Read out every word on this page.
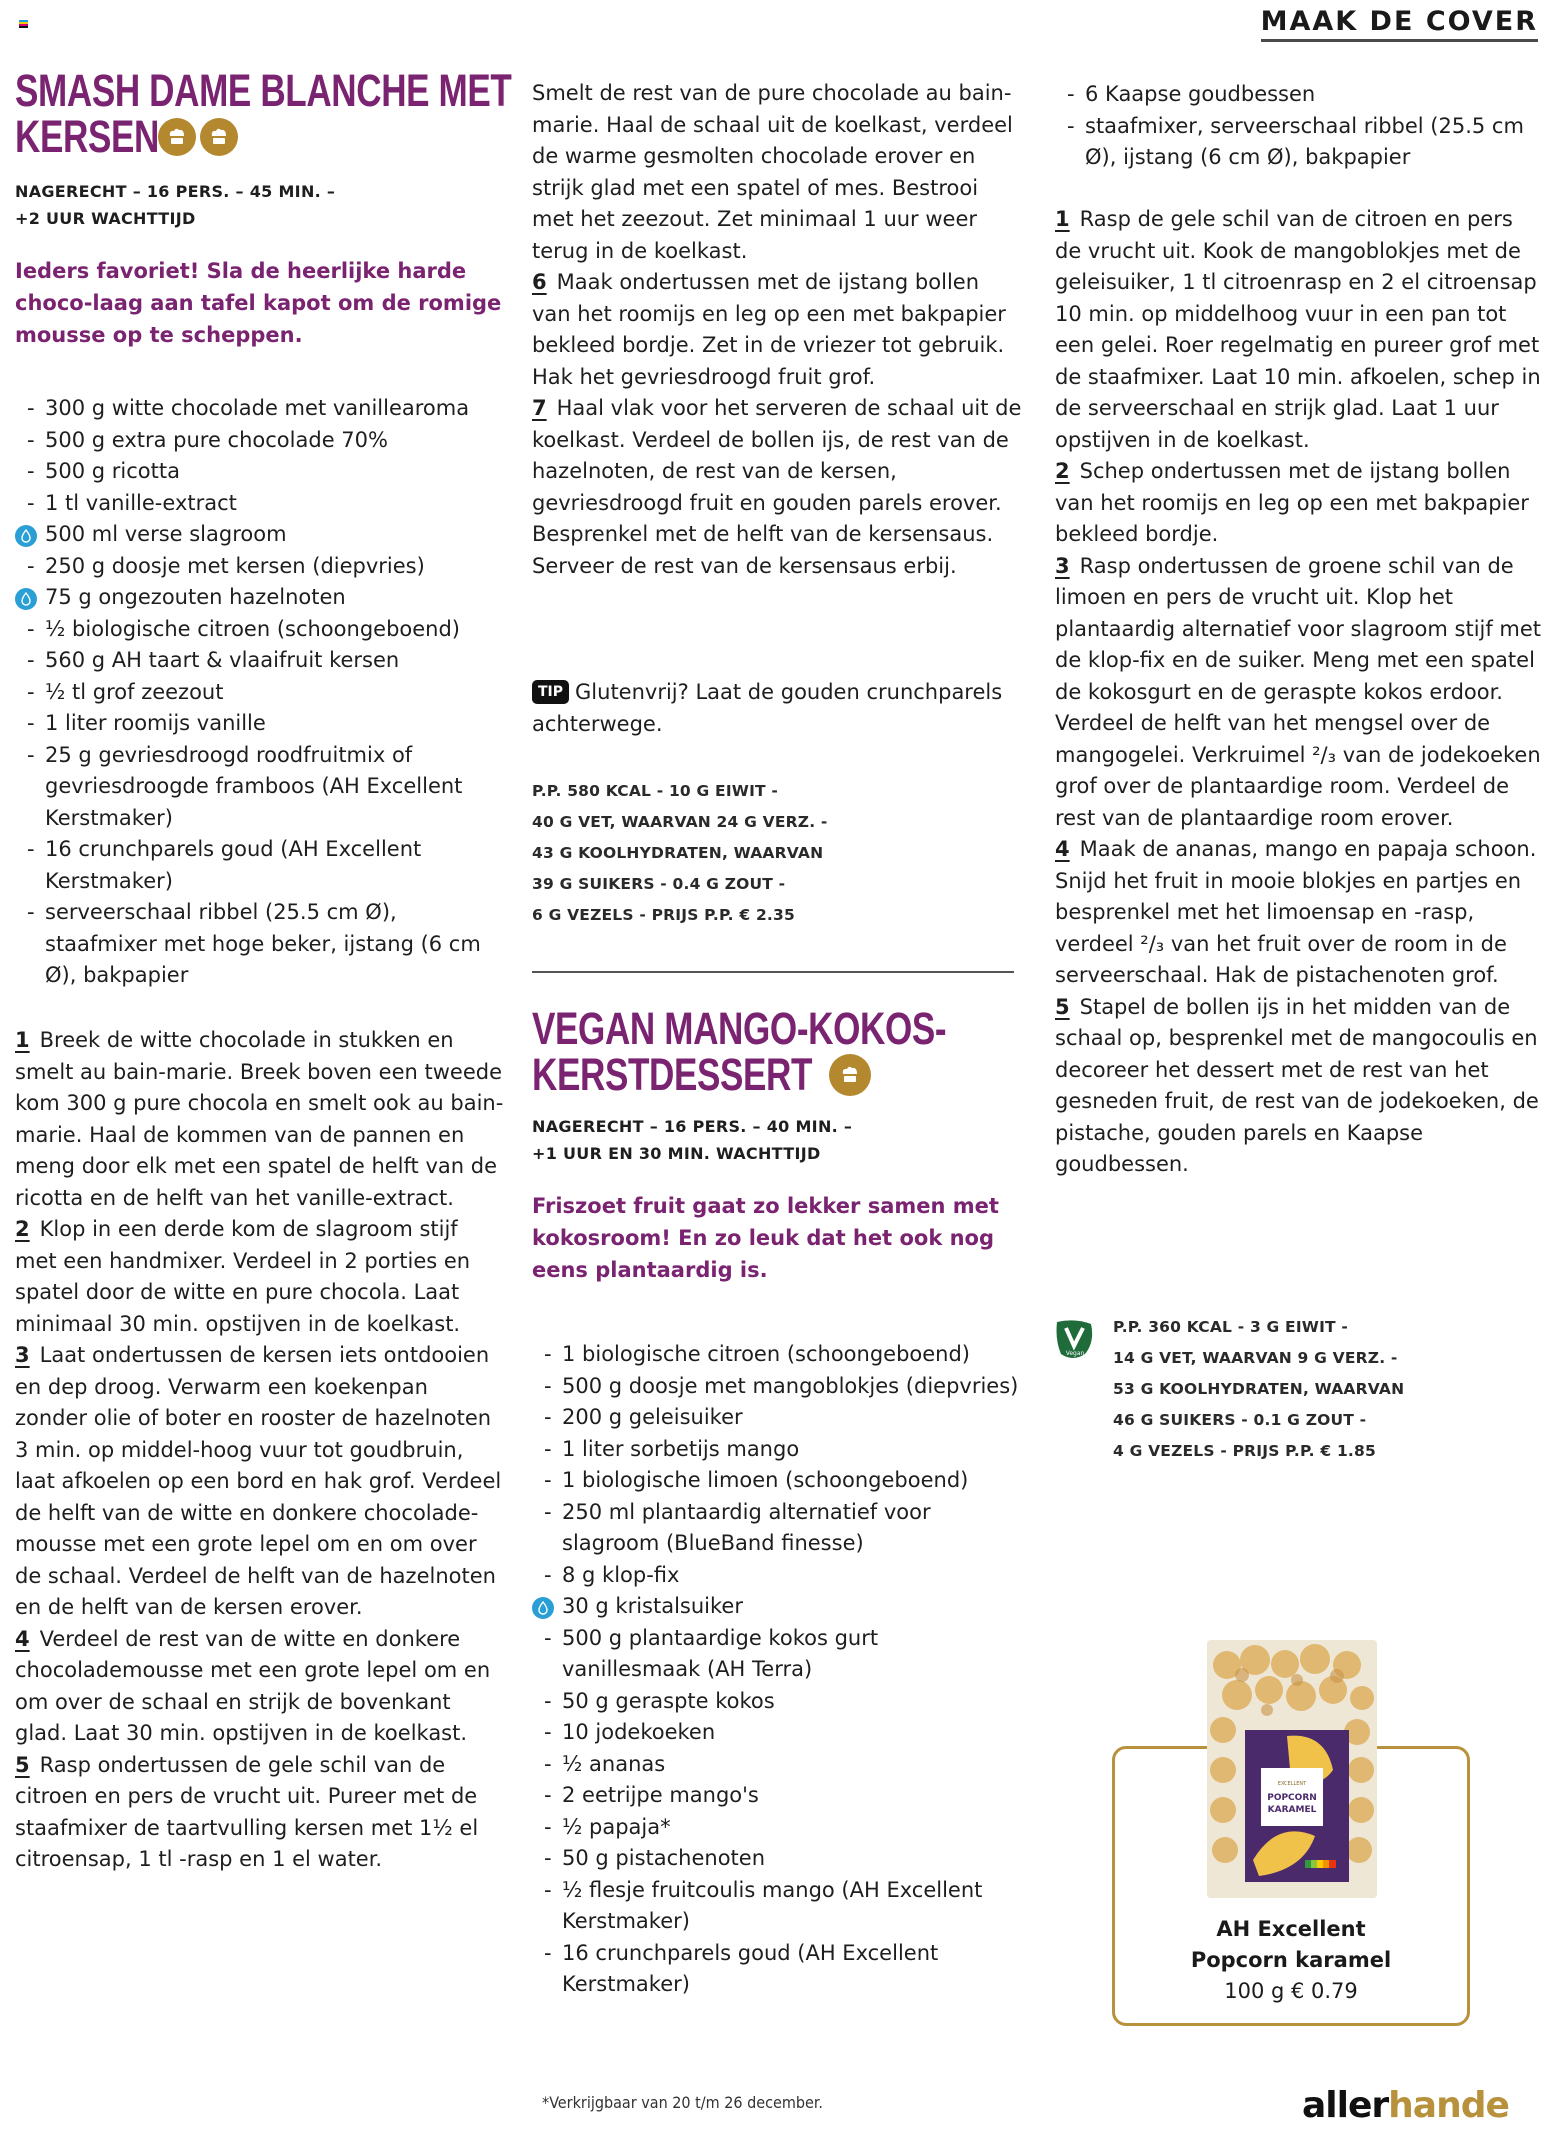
MAAK DE COVER
SMASH DAME BLANCHE MET
KERSEN
NAGERECHT – 16 PERS. – 45 MIN. –
+2 UUR WACHTTIJD
Ieders favoriet! Sla de heerlijke harde choco-laag aan tafel kapot om de romige mousse op te scheppen.
- 300 g witte chocolade met vanillearoma
- 500 g extra pure chocolade 70%
- 500 g ricotta
- 1 tl vanille-extract
500 ml verse slagroom
- 250 g doosje met kersen (diepvries)
75 g ongezouten hazelnoten
- ½ biologische citroen (schoongeboend)
- 560 g AH taart & vlaaifruit kersen
- ½ tl grof zeezout
- 1 liter roomijs vanille
- 25 g gevriesdroogd roodfruitmix of gevriesdroogde framboos (AH Excellent Kerstmaker)
- 16 crunchparels goud (AH Excellent Kerstmaker)
- serveerschaal ribbel (25.5 cm Ø), staafmixer met hoge beker, ijstang (6 cm Ø), bakpapier

1 Breek de witte chocolade in stukken en smelt au bain-marie. Breek boven een tweede kom 300 g pure chocola en smelt ook au bain-marie. Haal de kommen van de pannen en meng door elk met een spatel de helft van de ricotta en de helft van het vanille-extract.

2 Klop in een derde kom de slagroom stijf met een handmixer. Verdeel in 2 porties en spatel door de witte en pure chocola. Laat minimaal 30 min. opstijven in de koelkast.

3 Laat ondertussen de kersen iets ontdooien en dep droog. Verwarm een koekenpan zonder olie of boter en rooster de hazelnoten 3 min. op middel-hoog vuur tot goudbruin, laat afkoelen op een bord en hak grof. Verdeel de helft van de witte en donkere chocolade-mousse met een grote lepel om en om over de schaal. Verdeel de helft van de hazelnoten en de helft van de kersen erover.

4 Verdeel de rest van de witte en donkere chocolademousse met een grote lepel om en om over de schaal en strijk de bovenkant glad. Laat 30 min. opstijven in de koelkast.

5 Rasp ondertussen de gele schil van de citroen en pers de vrucht uit. Pureer met de staafmixer de taartvulling kersen met 1½ el citroensap, 1 tl -rasp en 1 el water.

Smelt de rest van de pure chocolade au bain-marie. Haal de schaal uit de koelkast, verdeel de warme gesmolten chocolade erover en strijk glad met een spatel of mes. Bestrooi met het zeezout. Zet minimaal 1 uur weer terug in de koelkast.

6 Maak ondertussen met de ijstang bollen van het roomijs en leg op een met bakpapier bekleed bordje. Zet in de vriezer tot gebruik. Hak het gevriesdroogd fruit grof.

7 Haal vlak voor het serveren de schaal uit de koelkast. Verdeel de bollen ijs, de rest van de hazelnoten, de rest van de kersen, gevriesdroogd fruit en gouden parels erover. Besprenkel met de helft van de kersensaus. Serveer de rest van de kersensaus erbij.

TIP Glutenvrij? Laat de gouden crunchparels achterwege.
P.P. 580 KCAL - 10 G EIWIT -
40 G VET, WAARVAN 24 G VERZ. -
43 G KOOLHYDRATEN, WAARVAN
39 G SUIKERS - 0.4 G ZOUT -
6 G VEZELS - PRIJS P.P. € 2.35
VEGAN MANGO-KOKOS-
KERSTDESSERT
NAGERECHT – 16 PERS. – 40 MIN. –
+1 UUR EN 30 MIN. WACHTTIJD
Friszoet fruit gaat zo lekker samen met kokosroom! En zo leuk dat het ook nog eens plantaardig is.
- 1 biologische citroen (schoongeboend)
- 500 g doosje met mangoblokjes (diepvries)
- 200 g geleisuiker
- 1 liter sorbetijs mango
- 1 biologische limoen (schoongeboend)
- 250 ml plantaardig alternatief voor slagroom (BlueBand finesse)
- 8 g klop-fix
30 g kristalsuiker
- 500 g plantaardige kokos gurt vanillesmaak (AH Terra)
- 50 g geraspte kokos
- 10 jodekoeken
- ½ ananas
- 2 eetrijpe mango's
- ½ papaja*
- 50 g pistachenoten
- ½ flesje fruitcoulis mango (AH Excellent Kerstmaker)
- 16 crunchparels goud (AH Excellent Kerstmaker)
- 6 Kaapse goudbessen
- staafmixer, serveerschaal ribbel (25.5 cm Ø), ijstang (6 cm Ø), bakpapier

1 Rasp de gele schil van de citroen en pers de vrucht uit. Kook de mangoblokjes met de geleisuiker, 1 tl citroenrasp en 2 el citroensap 10 min. op middelhoog vuur in een pan tot een gelei. Roer regelmatig en pureer grof met de staafmixer. Laat 10 min. afkoelen, schep in de serveerschaal en strijk glad. Laat 1 uur opstijven in de koelkast.

2 Schep ondertussen met de ijstang bollen van het roomijs en leg op een met bakpapier bekleed bordje.

3 Rasp ondertussen de groene schil van de limoen en pers de vrucht uit. Klop het plantaardig alternatief voor slagroom stijf met de klop-fix en de suiker. Meng met een spatel de kokosgurt en de geraspte kokos erdoor. Verdeel de helft van het mengsel over de mangogelei. Verkruimel ²/₃ van de jodekoeken grof over de plantaardige room. Verdeel de rest van de plantaardige room erover.

4 Maak de ananas, mango en papaja schoon. Snijd het fruit in mooie blokjes en partjes en besprenkel met het limoensap en -rasp, verdeel ²/₃ van het fruit over de room in de serveerschaal. Hak de pistachenoten grof.

5 Stapel de bollen ijs in het midden van de schaal op, besprenkel met de mangocoulis en decoreer het dessert met de rest van het gesneden fruit, de rest van de jodekoeken, de pistache, gouden parels en Kaapse goudbessen.

Vegan
P.P. 360 KCAL - 3 G EIWIT -
14 G VET, WAARVAN 9 G VERZ. -
53 G KOOLHYDRATEN, WAARVAN
46 G SUIKERS - 0.1 G ZOUT -
4 G VEZELS - PRIJS P.P. € 1.85
EXCELLENT
POPCORN
KARAMEL
AH Excellent
Popcorn karamel
100 g € 0.79
*Verkrijgbaar van 20 t/m 26 december.	allerhande
